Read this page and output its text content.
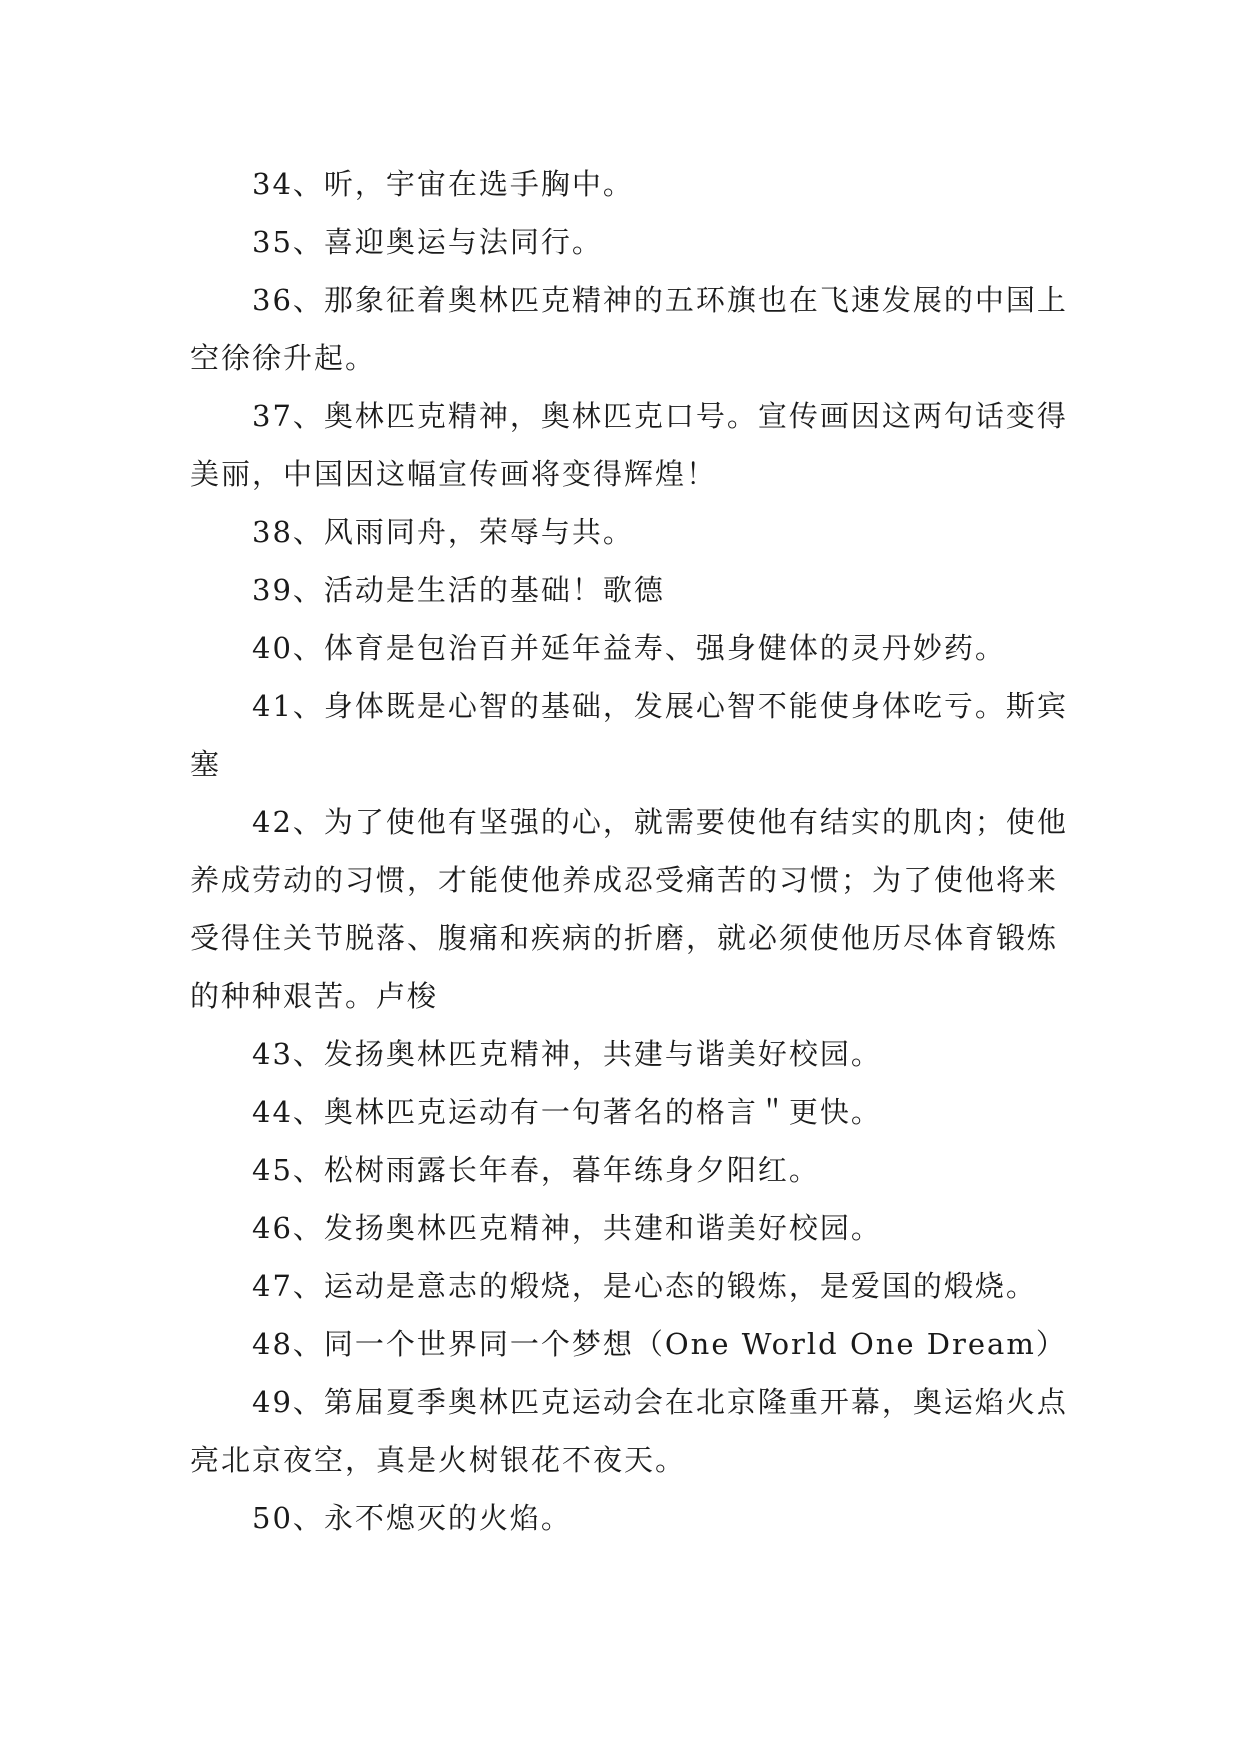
34、听，宇宙在选手胸中。

35、喜迎奥运与法同行。

36、那象征着奥林匹克精神的五环旗也在飞速发展的中国上空徐徐升起。

37、奥林匹克精神，奥林匹克口号。宣传画因这两句话变得美丽，中国因这幅宣传画将变得辉煌！

38、风雨同舟，荣辱与共。

39、活动是生活的基础！歌德

40、体育是包治百并延年益寿、强身健体的灵丹妙药。

41、身体既是心智的基础，发展心智不能使身体吃亏。斯宾塞

42、为了使他有坚强的心，就需要使他有结实的肌肉；使他养成劳动的习惯，才能使他养成忍受痛苦的习惯；为了使他将来受得住关节脱落、腹痛和疾病的折磨，就必须使他历尽体育锻炼的种种艰苦。卢梭

43、发扬奥林匹克精神，共建与谐美好校园。

44、奥林匹克运动有一句著名的格言＂更快。

45、松树雨露长年春，暮年练身夕阳红。

46、发扬奥林匹克精神，共建和谐美好校园。

47、运动是意志的煅烧，是心态的锻炼，是爱国的煅烧。

48、同一个世界同一个梦想（One World One Dream）

49、第届夏季奥林匹克运动会在北京隆重开幕，奥运焰火点亮北京夜空，真是火树银花不夜天。

50、永不熄灭的火焰。
